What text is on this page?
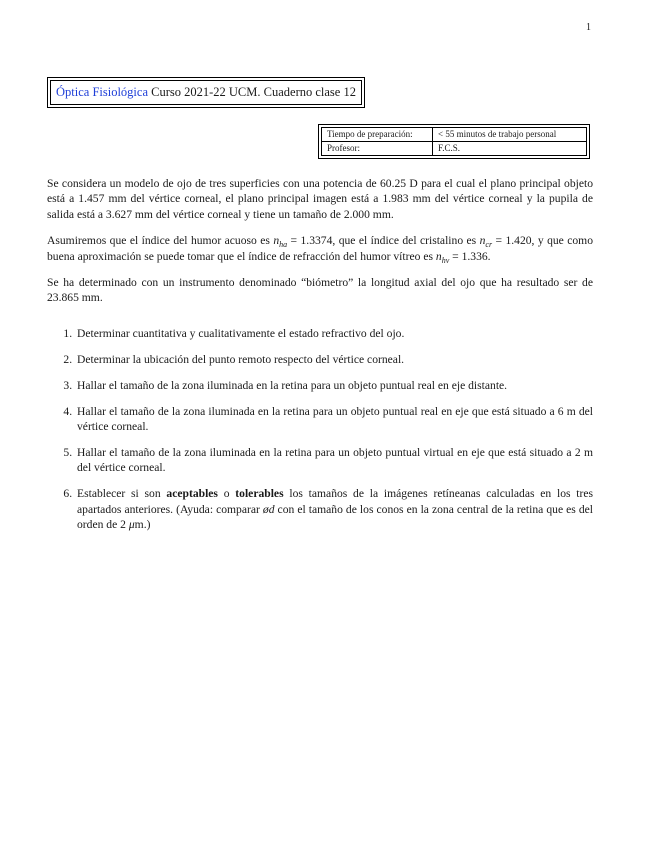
1
Óptica Fisiológica Curso 2021-22 UCM. Cuaderno clase 12
Tiempo de preparación:	< 55 minutos de trabajo personal
Profesor:	F.C.S.

Se considera un modelo de ojo de tres superficies con una potencia de 60.25 D para el cual el plano principal objeto está a 1.457 mm del vértice corneal, el plano principal imagen está a 1.983 mm del vértice corneal y la pupila de salida está a 3.627 mm del vértice corneal y tiene un tamaño de 2.000 mm.

Asumiremos que el índice del humor acuoso es $n_{ha} = 1.3374$, que el índice del cristalino es $n_{cr} = 1.420$, y que como buena aproximación se puede tomar que el índice de refracción del humor vítreo es $n_{hv} = 1.336$.

Se ha determinado con un instrumento denominado “biómetro” la longitud axial del ojo que ha resultado ser de 23.865 mm.

1. Determinar cuantitativa y cualitativamente el estado refractivo del ojo.
2. Determinar la ubicación del punto remoto respecto del vértice corneal.
3. Hallar el tamaño de la zona iluminada en la retina para un objeto puntual real en eje distante.
4. Hallar el tamaño de la zona iluminada en la retina para un objeto puntual real en eje que está situado a 6 m del vértice corneal.
5. Hallar el tamaño de la zona iluminada en la retina para un objeto puntual virtual en eje que está situado a 2 m del vértice corneal.
6. Establecer si son aceptables o tolerables los tamaños de la imágenes retíneanas calculadas en los tres apartados anteriores. (Ayuda: comparar ød con el tamaño de los conos en la zona central de la retina que es del orden de 2 μm.)
